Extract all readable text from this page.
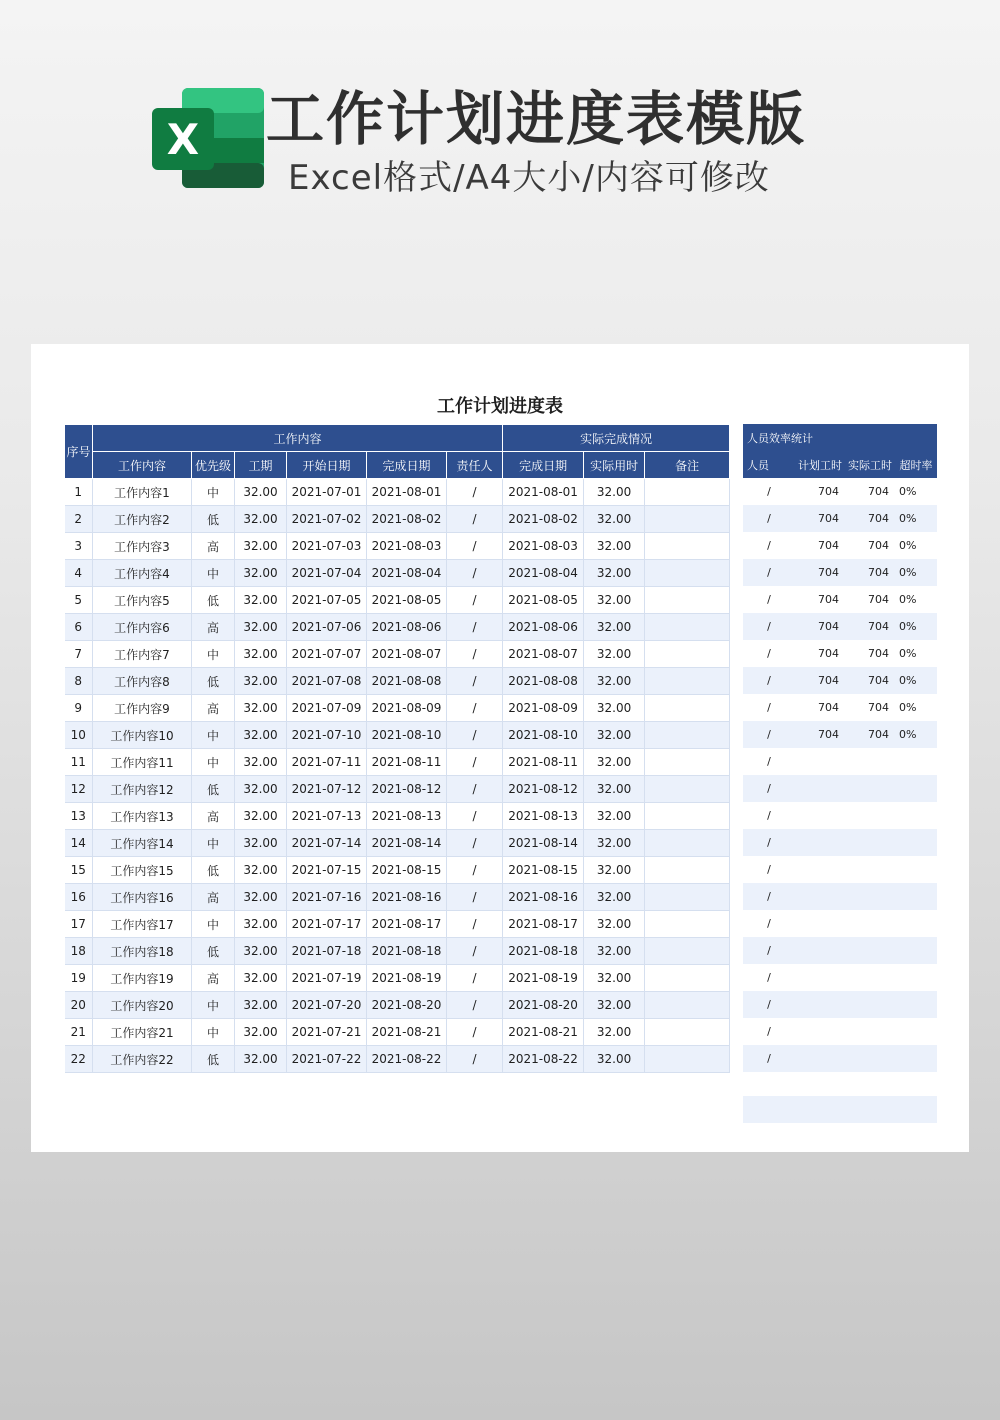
X 工作计划进度表模版
Excel格式/A4大小/内容可修改
工作计划进度表
序号	工作内容						实际完成情况		
	工作内容	优先级	工期	开始日期	完成日期	责任人	完成日期	实际用时	备注
1	工作内容1	中	32.00	2021-07-01	2021-08-01	/	2021-08-01	32.00	
2	工作内容2	低	32.00	2021-07-02	2021-08-02	/	2021-08-02	32.00	
3	工作内容3	高	32.00	2021-07-03	2021-08-03	/	2021-08-03	32.00	
4	工作内容4	中	32.00	2021-07-04	2021-08-04	/	2021-08-04	32.00	
5	工作内容5	低	32.00	2021-07-05	2021-08-05	/	2021-08-05	32.00	
6	工作内容6	高	32.00	2021-07-06	2021-08-06	/	2021-08-06	32.00	
7	工作内容7	中	32.00	2021-07-07	2021-08-07	/	2021-08-07	32.00	
8	工作内容8	低	32.00	2021-07-08	2021-08-08	/	2021-08-08	32.00	
9	工作内容9	高	32.00	2021-07-09	2021-08-09	/	2021-08-09	32.00	
10	工作内容10	中	32.00	2021-07-10	2021-08-10	/	2021-08-10	32.00	
11	工作内容11	中	32.00	2021-07-11	2021-08-11	/	2021-08-11	32.00	
12	工作内容12	低	32.00	2021-07-12	2021-08-12	/	2021-08-12	32.00	
13	工作内容13	高	32.00	2021-07-13	2021-08-13	/	2021-08-13	32.00	
14	工作内容14	中	32.00	2021-07-14	2021-08-14	/	2021-08-14	32.00	
15	工作内容15	低	32.00	2021-07-15	2021-08-15	/	2021-08-15	32.00	
16	工作内容16	高	32.00	2021-07-16	2021-08-16	/	2021-08-16	32.00	
17	工作内容17	中	32.00	2021-07-17	2021-08-17	/	2021-08-17	32.00	
18	工作内容18	低	32.00	2021-07-18	2021-08-18	/	2021-08-18	32.00	
19	工作内容19	高	32.00	2021-07-19	2021-08-19	/	2021-08-19	32.00	
20	工作内容20	中	32.00	2021-07-20	2021-08-20	/	2021-08-20	32.00	
21	工作内容21	中	32.00	2021-07-21	2021-08-21	/	2021-08-21	32.00	
22	工作内容22	低	32.00	2021-07-22	2021-08-22	/	2021-08-22	32.00	
人员效率统计			
人员	计划工时	实际工时	超时率
/	704	704	0%
/	704	704	0%
/	704	704	0%
/	704	704	0%
/	704	704	0%
/	704	704	0%
/	704	704	0%
/	704	704	0%
/	704	704	0%
/	704	704	0%
/			
/			
/			
/			
/			
/			
/			
/			
/			
/			
/			
/			
